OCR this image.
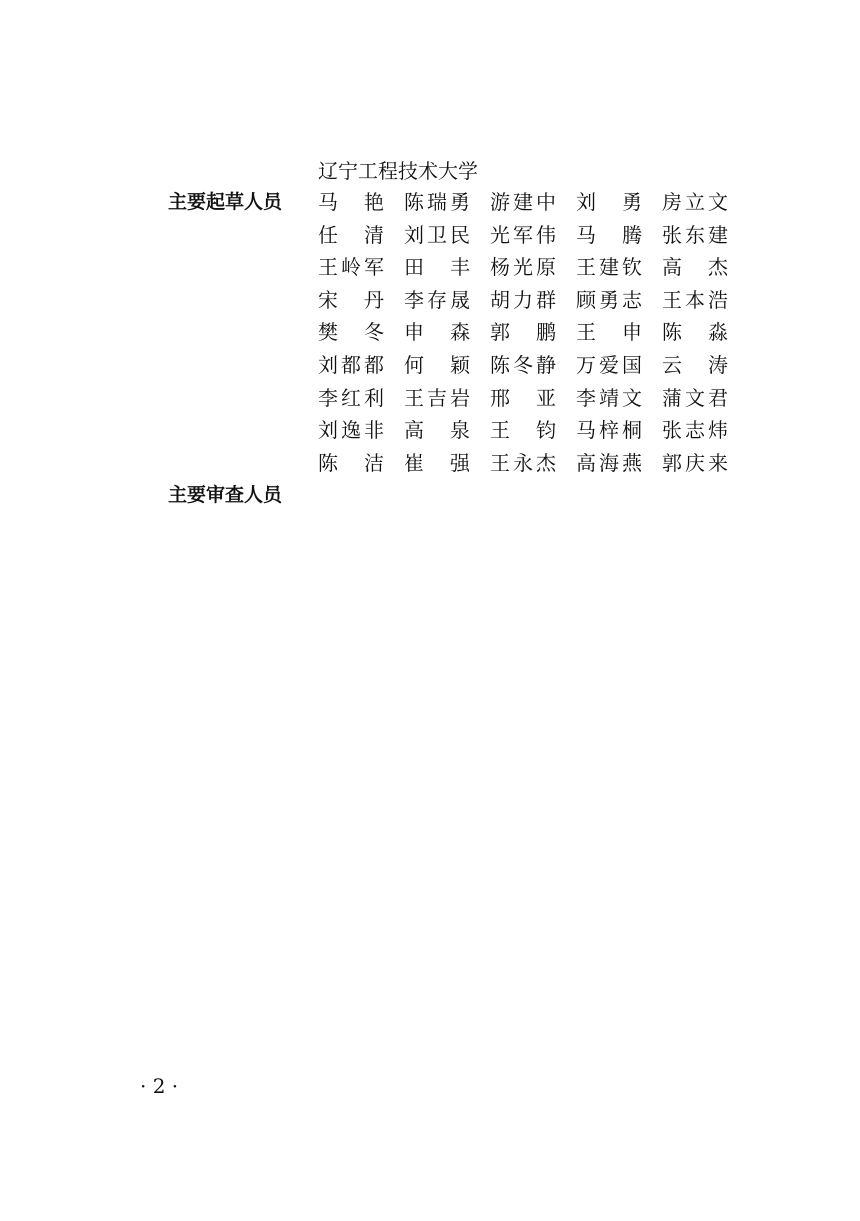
辽宁工程技术大学
主要起草人员 马 艳 陈 瑞 勇 游 建 中 刘 勇 房 立 文
任 清 刘 卫 民 光 军 伟 马 腾 张 东 建
王 岭 军 田 丰 杨 光 原 王 建 钦 高 杰
宋 丹 李 存 晟 胡 力 群 顾 勇 志 王 本 浩
樊 冬 申 森 郭 鹏 王 申 陈 淼
刘 都 都 何 颖 陈 冬 静 万 爱 国 云 涛
李 红 利 王 吉 岩 邢 亚 李 靖 文 蒲 文 君
刘 逸 非 高 泉 王 钧 马 梓 桐 张 志 炜
陈 洁 崔 强 王 永 杰 高 海 燕 郭 庆 来
主要审查人员
· 2 ·
